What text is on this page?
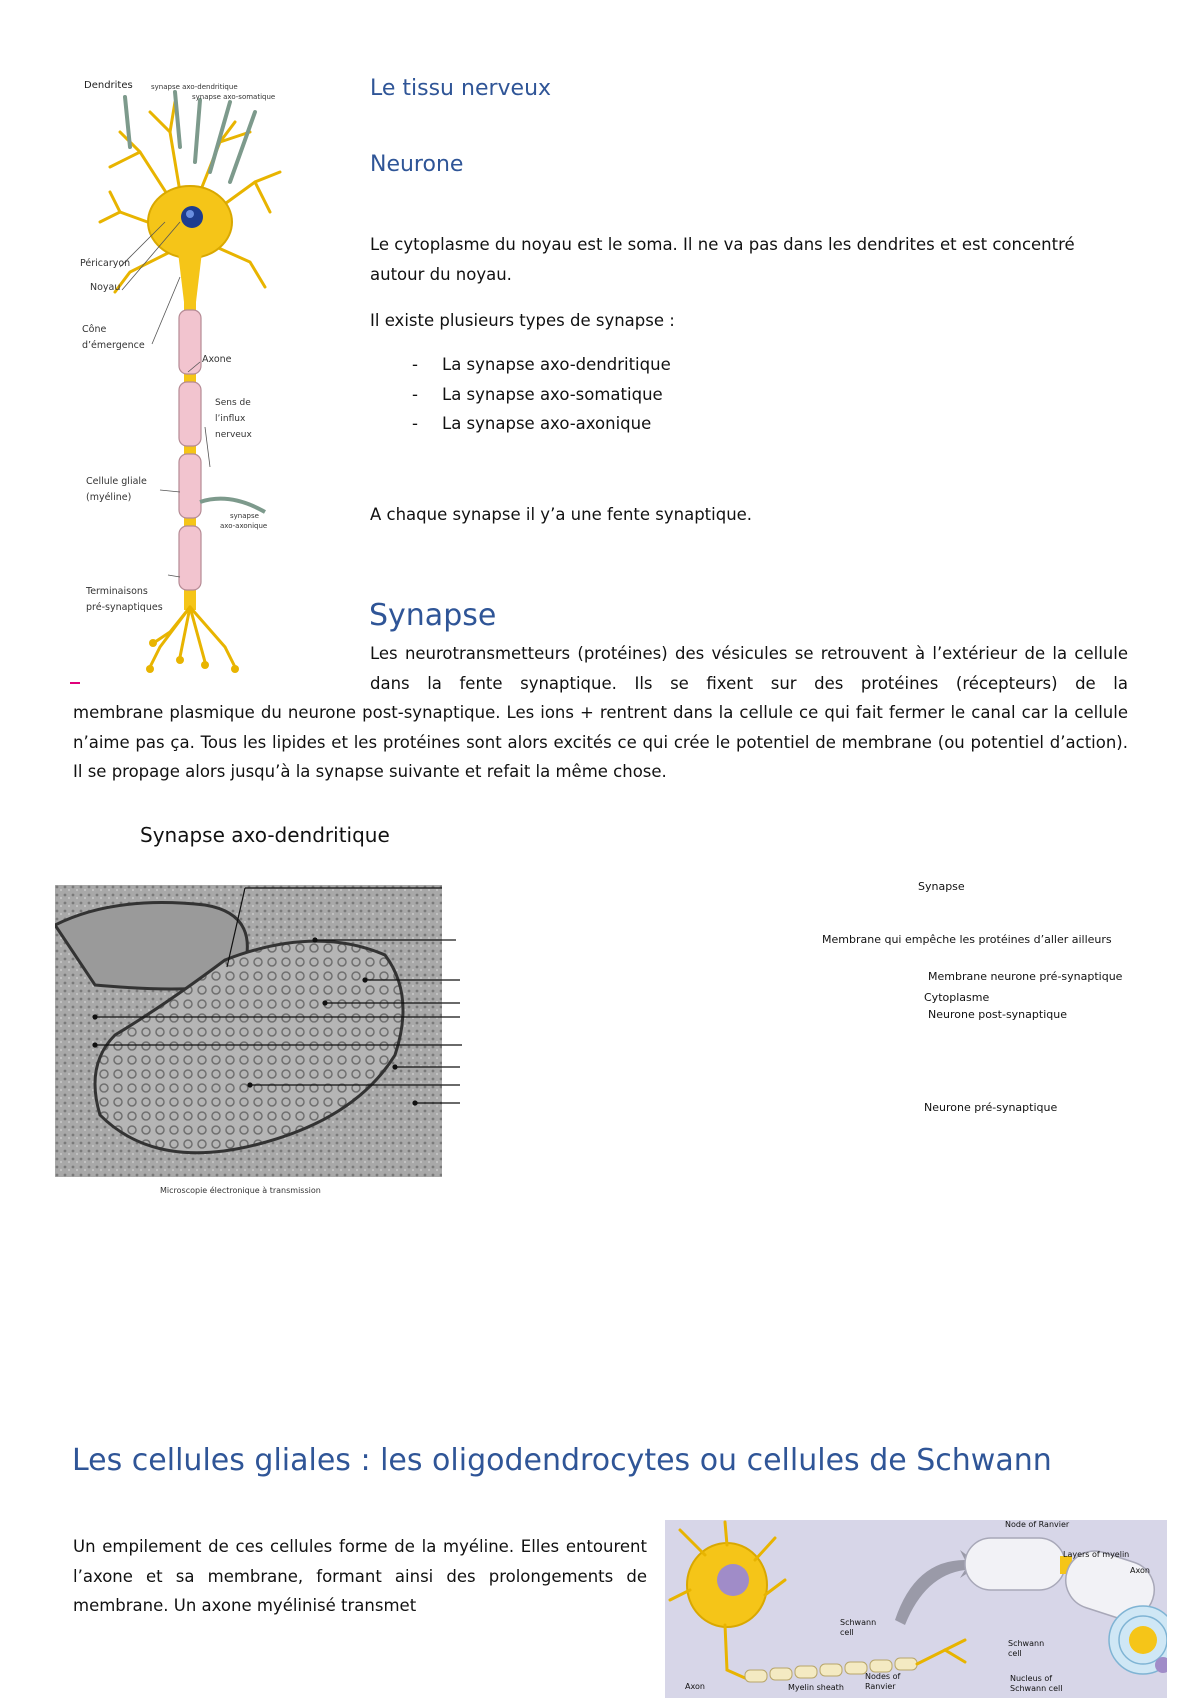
Dendrites	synapse axo-dendritique
synapse axo-somatique
Péricaryon
Noyau
Cône
d’émergence
Axone
Sens de
l’influx
nerveux
Cellule gliale
(myéline)
synapse
axo-axonique
Terminaisons
pré-synaptiques
Le tissu nerveux
Neurone
Le cytoplasme du noyau est le soma. Il ne va pas dans les dendrites et est concentré autour du noyau.
Il existe plusieurs types de synapse :
- La synapse axo-dendritique
- La synapse axo-somatique
- La synapse axo-axonique
A chaque synapse il y’a une fente synaptique.
Synapse
Les neurotransmetteurs (protéines) des vésicules se retrouvent à l’extérieur de la cellule dans la fente synaptique. Ils se fixent sur des protéines (récepteurs) de la
membrane plasmique du neurone post-synaptique. Les ions + rentrent dans la cellule ce qui fait fermer le canal car la cellule n’aime pas ça. Tous les lipides et les protéines sont alors excités ce qui crée le potentiel de membrane (ou potentiel d’action). Il se propage alors jusqu’à la synapse suivante et refait la même chose.
Synapse axo-dendritique
Microscopie électronique à transmission
Synapse
Membrane qui empêche les protéines d’aller ailleurs
Membrane neurone pré-synaptique
Cytoplasme
Neurone post-synaptique
Neurone pré-synaptique
Les cellules gliales : les oligodendrocytes ou cellules de Schwann
Un empilement de ces cellules forme de la myéline. Elles entourent l’axone et sa membrane, formant ainsi des prolongements de membrane. Un axone myélinisé transmet
Node of Ranvier
Layers of myelin
Axon
Schwann
cell
Schwann
cell
Axon	Myelin sheath
Nodes of
Ranvier
Nucleus of
Schwann cell
